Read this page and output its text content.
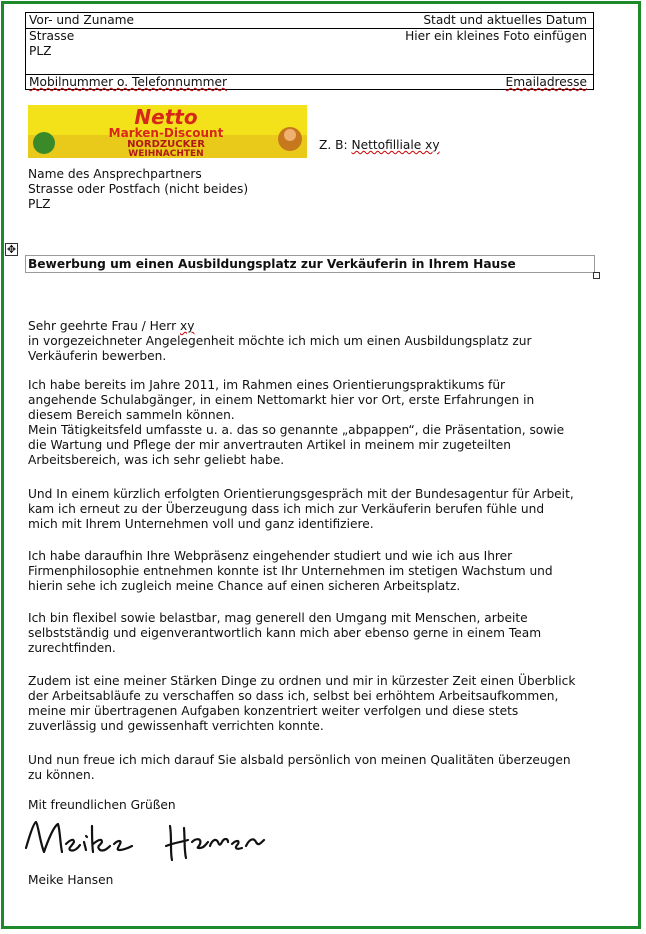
Vor- und Zuname	Stadt und aktuelles Datum
Strasse	Hier ein kleines Foto einfügen
PLZ
Mobilnummer o. Telefonnummer	Emailadresse
Netto
Marken-Discount
NORDZUCKER
WEIHNACHTEN
Z. B: Nettofilliale xy
Name des Ansprechpartners
Strasse oder Postfach (nicht beides)
PLZ
✥
Bewerbung um einen Ausbildungsplatz zur Verkäuferin in Ihrem Hause

Sehr geehrte Frau / Herr xy

in vorgezeichneter Angelegenheit möchte ich mich um einen Ausbildungsplatz zur
Verkäuferin bewerben.
Ich habe bereits im Jahre 2011, im Rahmen eines Orientierungspraktikums für
angehende Schulabgänger, in einem Nettomarkt hier vor Ort, erste Erfahrungen in
diesem Bereich sammeln können.
Mein Tätigkeitsfeld umfasste u. a. das so genannte „abpappen“, die Präsentation, sowie
die Wartung und Pflege der mir anvertrauten Artikel in meinem mir zugeteilten
Arbeitsbereich, was ich sehr geliebt habe.
Und In einem kürzlich erfolgten Orientierungsgespräch mit der Bundesagentur für Arbeit,
kam ich erneut zu der Überzeugung dass ich mich zur Verkäuferin berufen fühle und
mich mit Ihrem Unternehmen voll und ganz identifiziere.
Ich habe daraufhin Ihre Webpräsenz eingehender studiert und wie ich aus Ihrer
Firmenphilosophie entnehmen konnte ist Ihr Unternehmen im stetigen Wachstum und
hierin sehe ich zugleich meine Chance auf einen sicheren Arbeitsplatz.
Ich bin flexibel sowie belastbar, mag generell den Umgang mit Menschen, arbeite
selbstständig und eigenverantwortlich kann mich aber ebenso gerne in einem Team
zurechtfinden.
Zudem ist eine meiner Stärken Dinge zu ordnen und mir in kürzester Zeit einen Überblick
der Arbeitsabläufe zu verschaffen so dass ich, selbst bei erhöhtem Arbeitsaufkommen,
meine mir übertragenen Aufgaben konzentriert weiter verfolgen und diese stets
zuverlässig und gewissenhaft verrichten konnte.
Und nun freue ich mich darauf Sie alsbald persönlich von meinen Qualitäten überzeugen
zu können.
Mit freundlichen Grüßen
Meike Hansen
